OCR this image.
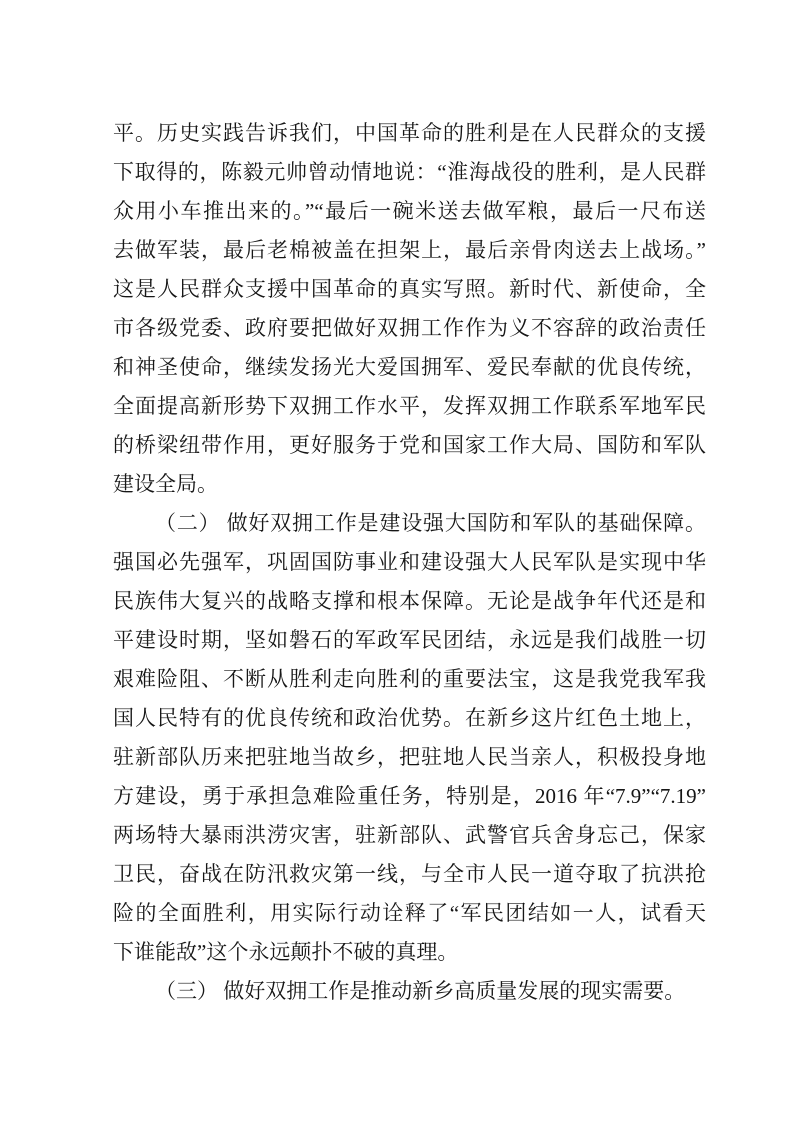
平。历史实践告诉我们，中国革命的胜利是在人民群众的支援
下取得的，陈毅元帅曾动情地说：“淮海战役的胜利，是人民群
众用小车推出来的。”“最后一碗米送去做军粮，最后一尺布送
去做军装，最后老棉被盖在担架上，最后亲骨肉送去上战场。”
这是人民群众支援中国革命的真实写照。新时代、新使命，全
市各级党委、政府要把做好双拥工作作为义不容辞的政治责任
和神圣使命，继续发扬光大爱国拥军、爱民奉献的优良传统，
全面提高新形势下双拥工作水平，发挥双拥工作联系军地军民
的桥梁纽带作用，更好服务于党和国家工作大局、国防和军队
建设全局。
（二） 做好双拥工作是建设强大国防和军队的基础保障。
强国必先强军，巩固国防事业和建设强大人民军队是实现中华
民族伟大复兴的战略支撑和根本保障。无论是战争年代还是和
平建设时期，坚如磐石的军政军民团结，永远是我们战胜一切
艰难险阻、不断从胜利走向胜利的重要法宝，这是我党我军我
国人民特有的优良传统和政治优势。在新乡这片红色土地上，
驻新部队历来把驻地当故乡，把驻地人民当亲人，积极投身地
方建设，勇于承担急难险重任务，特别是，2016 年“7.9”“7.19”
两场特大暴雨洪涝灾害，驻新部队、武警官兵舍身忘己，保家
卫民，奋战在防汛救灾第一线，与全市人民一道夺取了抗洪抢
险的全面胜利，用实际行动诠释了“军民团结如一人，试看天
下谁能敌”这个永远颠扑不破的真理。
（三） 做好双拥工作是推动新乡高质量发展的现实需要。
